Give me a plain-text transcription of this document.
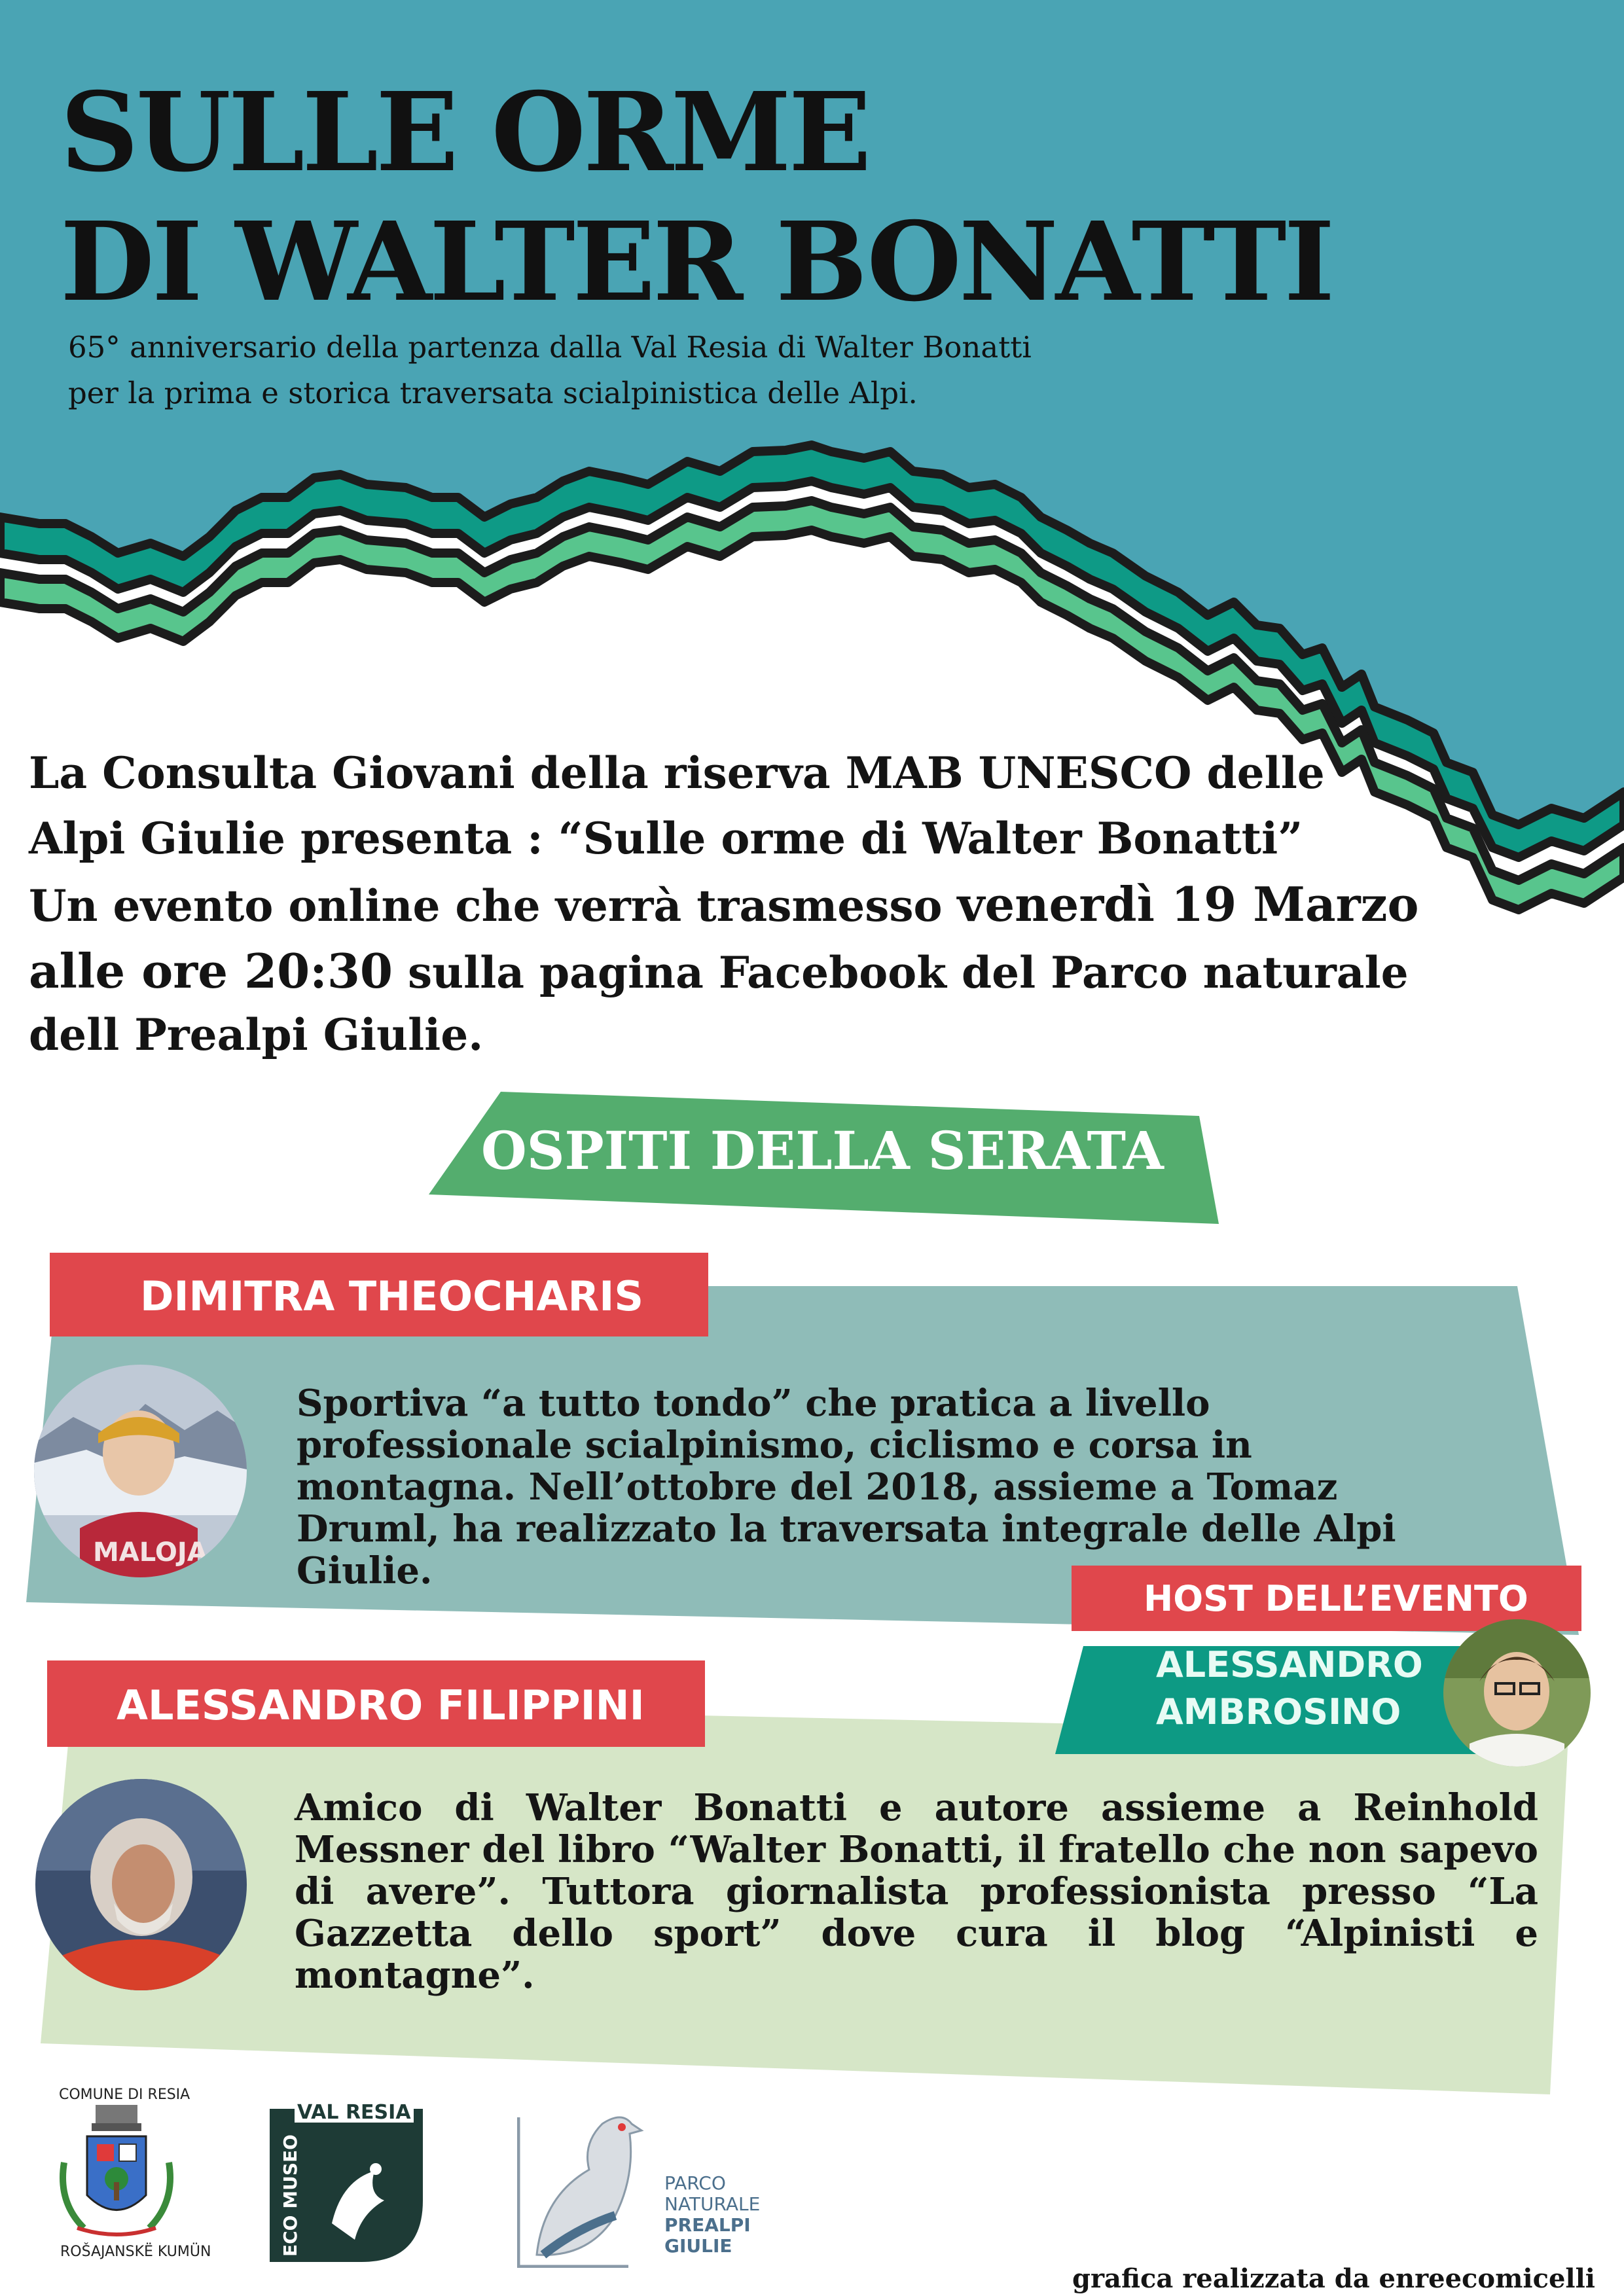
SULLE ORME
DI WALTER BONATTI
65° anniversario della partenza dalla Val Resia di Walter Bonatti
per la prima e storica traversata scialpinistica delle Alpi.
La Consulta Giovani della riserva MAB UNESCO delle
Alpi Giulie presenta : “Sulle orme di Walter Bonatti”
Un evento online che verrà trasmesso venerdì 19 Marzo
alle ore 20:30 sulla pagina Facebook del Parco naturale
dell Prealpi Giulie.
OSPITI DELLA SERATA
DIMITRA THEOCHARIS
MALOJA
Sportiva “a tutto tondo” che pratica a livello professionale scialpinismo, ciclismo e corsa in montagna. Nell’ottobre del 2018, assieme a Tomaz Druml, ha realizzato la traversata integrale delle Alpi Giulie.
HOST DELL’EVENTO
ALESSANDRO
AMBROSINO
ALESSANDRO FILIPPINI
Amico di Walter Bonatti e autore assieme a Reinhold Messner del libro “Walter Bonatti, il fratello che non sapevo di avere”. Tuttora giornalista professionista presso “La Gazzetta dello sport” dove cura il blog “Alpinisti e montagne”.
COMUNE DI RESIA
ROŠAJANSKË KUMÜN
VAL RESIA
ECO MUSEO	PARCO
NATURALE
PREALPI
GIULIE
grafica realizzata da enreecomicelli
